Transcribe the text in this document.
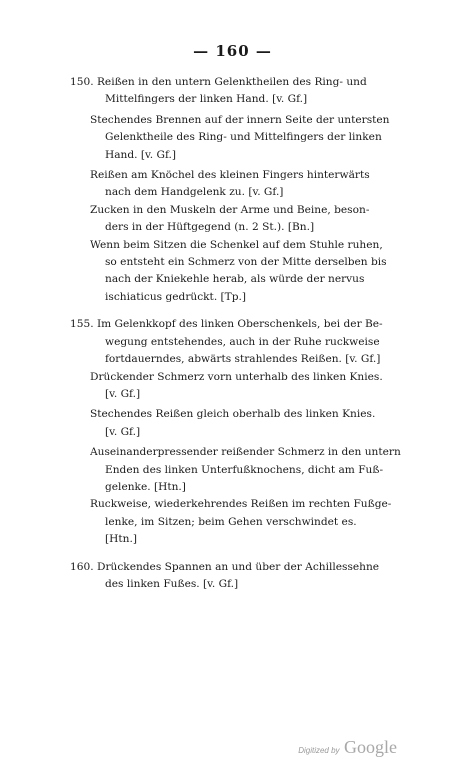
— 160 —

150. Reißen in den untern Gelenktheilen des Ring- und
Mittelfingers der linken Hand. [v. Gf.]

Stechendes Brennen auf der innern Seite der untersten
Gelenktheile des Ring- und Mittelfingers der linken
Hand. [v. Gf.]

Reißen am Knöchel des kleinen Fingers hinterwärts
nach dem Handgelenk zu. [v. Gf.]

Zucken in den Muskeln der Arme und Beine, beson-
ders in der Hüftgegend (n. 2 St.). [Bn.]

Wenn beim Sitzen die Schenkel auf dem Stuhle ruhen,
so entsteht ein Schmerz von der Mitte derselben bis
nach der Kniekehle herab, als würde der nervus
ischiaticus gedrückt. [Tp.]

155. Im Gelenkkopf des linken Oberschenkels, bei der Be-
wegung entstehendes, auch in der Ruhe ruckweise
fortdauerndes, abwärts strahlendes Reißen. [v. Gf.]

Drückender Schmerz vorn unterhalb des linken Knies.
[v. Gf.]

Stechendes Reißen gleich oberhalb des linken Knies.
[v. Gf.]

Auseinanderpressender reißender Schmerz in den untern
Enden des linken Unterfußknochens, dicht am Fuß-
gelenke. [Htn.]

Ruckweise, wiederkehrendes Reißen im rechten Fußge-
lenke, im Sitzen; beim Gehen verschwindet es.
[Htn.]

160. Drückendes Spannen an und über der Achillessehne
des linken Fußes. [v. Gf.]

Digitized by Google
